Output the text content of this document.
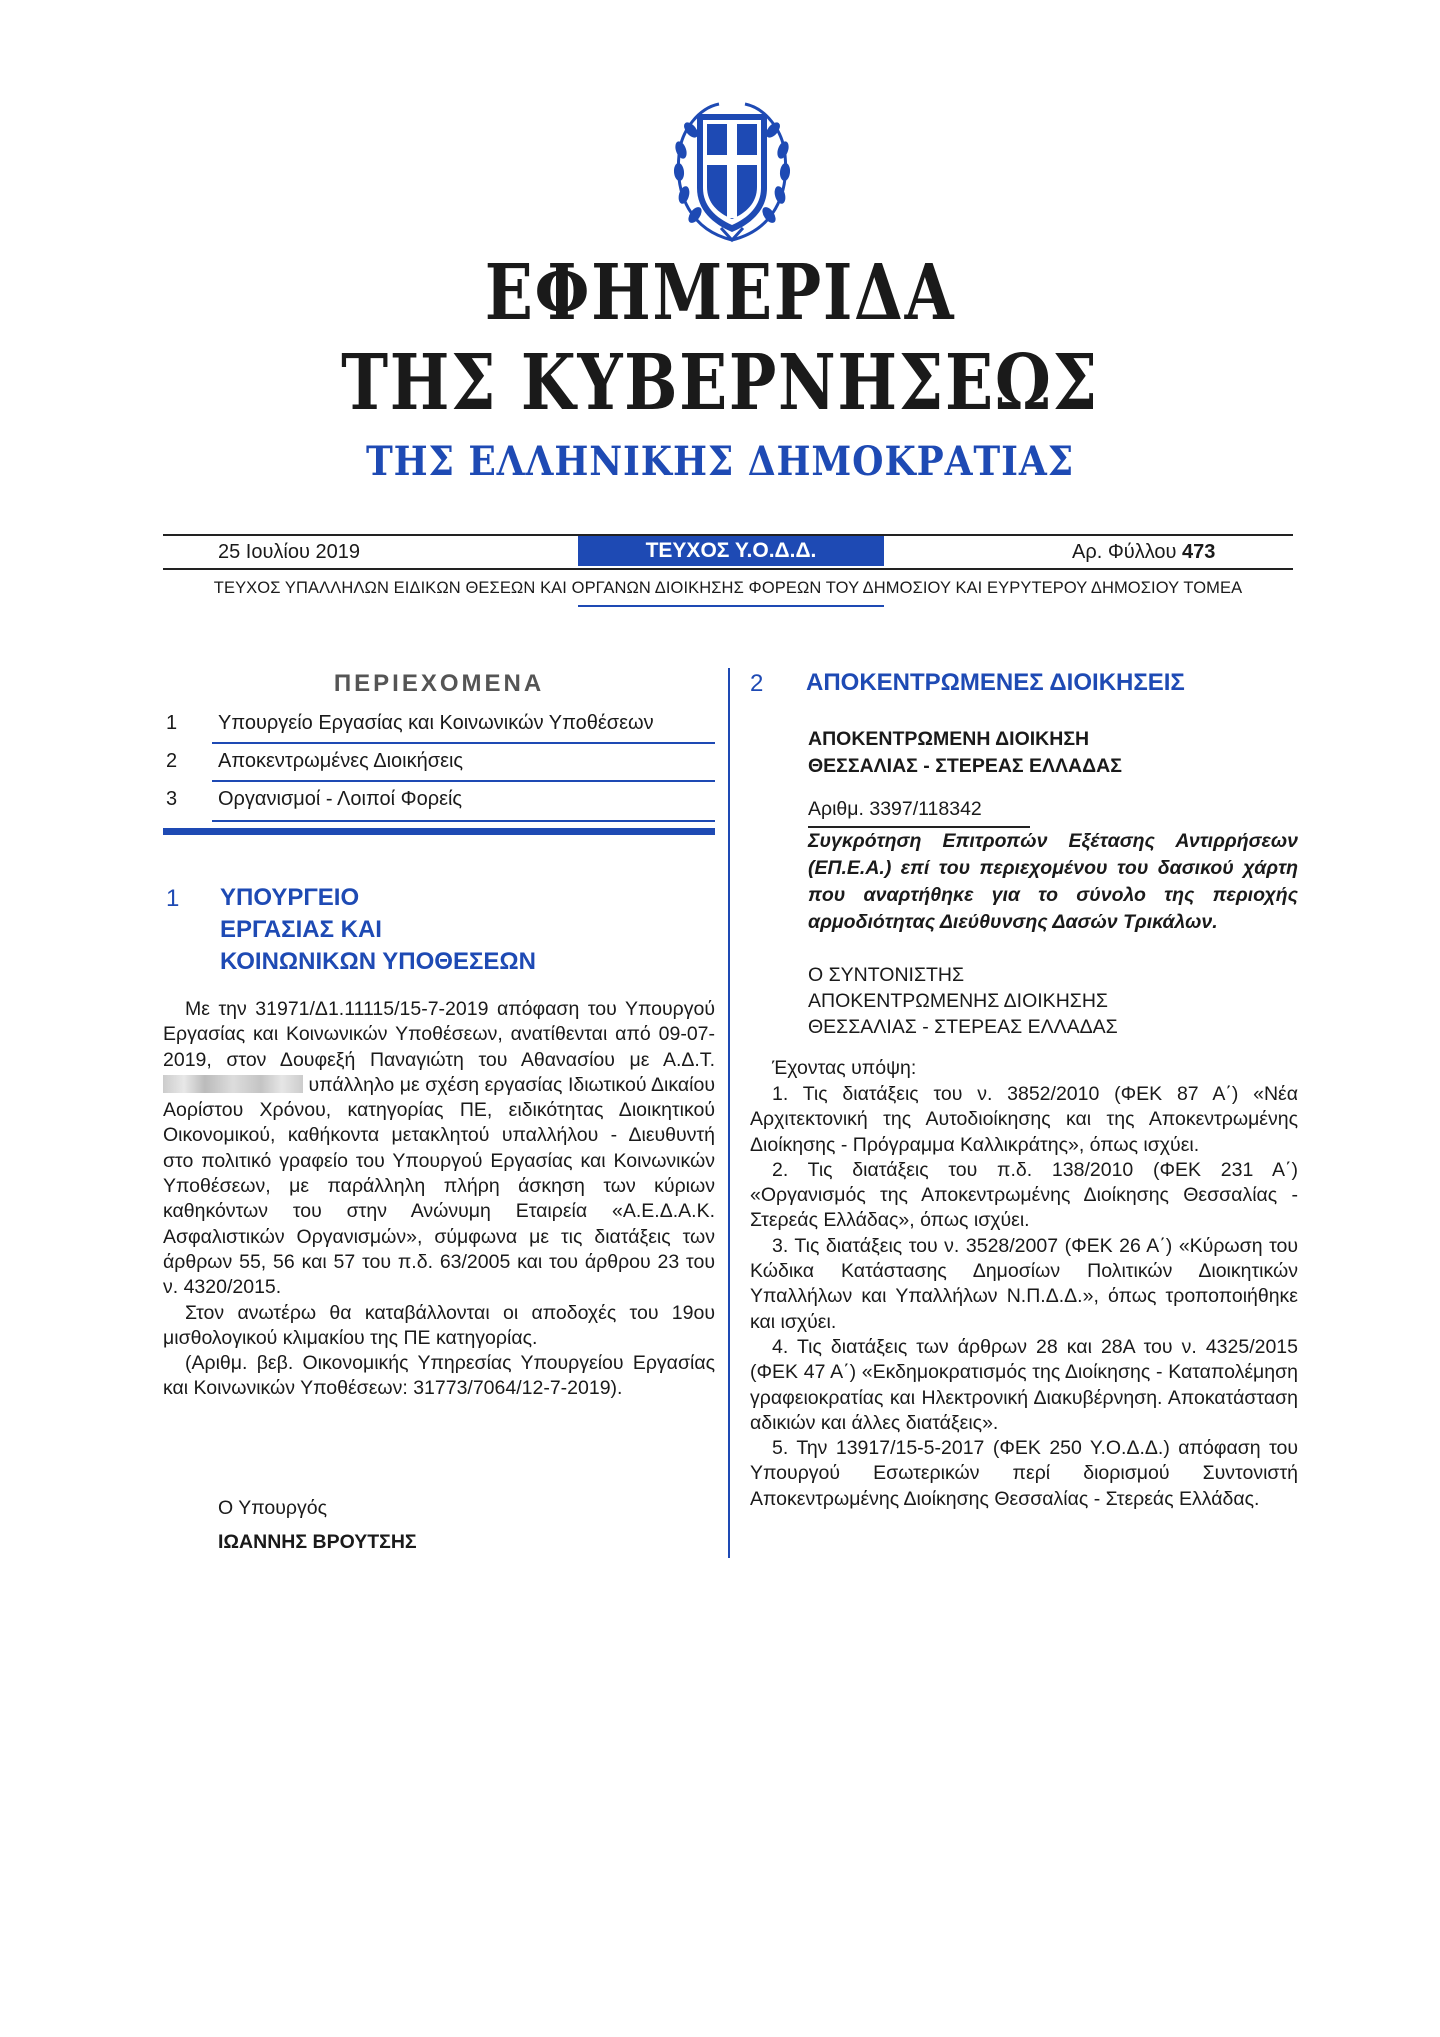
ΕΦΗΜΕΡΙΔΑ
ΤΗΣ ΚΥΒΕΡΝΗΣΕΩΣ
ΤΗΣ ΕΛΛΗΝΙΚΗΣ ΔΗΜΟΚΡΑΤΙΑΣ
25 Ιουλίου 2019	ΤΕΥΧΟΣ Υ.Ο.Δ.Δ.	Αρ. Φύλλου 473
ΤΕΥΧΟΣ ΥΠΑΛΛΗΛΩΝ ΕΙΔΙΚΩΝ ΘΕΣΕΩΝ ΚΑΙ ΟΡΓΑΝΩΝ ΔΙΟΙΚΗΣΗΣ ΦΟΡΕΩΝ ΤΟΥ ΔΗΜΟΣΙΟΥ ΚΑΙ ΕΥΡΥΤΕΡΟΥ ΔΗΜΟΣΙΟΥ ΤΟΜΕΑ
ΠΕΡΙΕΧΟΜΕΝΑ
1 Υπουργείο Εργασίας και Κοινωνικών Υποθέσεων
2 Αποκεντρωμένες Διοικήσεις
3 Οργανισμοί - Λοιποί Φορείς
1 ΥΠΟΥΡΓΕΙΟ
ΕΡΓΑΣΙΑΣ ΚΑΙ
ΚΟΙΝΩΝΙΚΩΝ ΥΠΟΘΕΣΕΩΝ

Με την 31971/Δ1.11115/15-7-2019 απόφαση του Υπουργού Εργασίας και Κοινωνικών Υποθέσεων, ανατίθενται από 09-07-2019, στον Δουφεξή Παναγιώτη του Αθανασίου με Α.Δ.Τ.  υπάλληλο με σχέση εργασίας Ιδιωτικού Δικαίου Αορίστου Χρόνου, κατηγορίας ΠΕ, ειδικότητας Διοικητικού Οικονομικού, καθήκοντα μετακλητού υπαλλήλου - Διευθυντή στο πολιτικό γραφείο του Υπουργού Εργασίας και Κοινωνικών Υποθέσεων, με παράλληλη πλήρη άσκηση των κύριων καθηκόντων του στην Ανώνυμη Εταιρεία «Α.Ε.Δ.Α.Κ. Ασφαλιστικών Οργανισμών», σύμφωνα με τις διατάξεις των άρθρων 55, 56 και 57 του π.δ. 63/2005 και του άρθρου 23 του ν. 4320/2015.

Στον ανωτέρω θα καταβάλλονται οι αποδοχές του 19ου μισθολογικού κλιμακίου της ΠΕ κατηγορίας.

(Αριθμ. βεβ. Οικονομικής Υπηρεσίας Υπουργείου Εργασίας και Κοινωνικών Υποθέσεων: 31773/7064/12-7-2019).

Ο Υπουργός
ΙΩΑΝΝΗΣ ΒΡΟΥΤΣΗΣ
2 ΑΠΟΚΕΝΤΡΩΜΕΝΕΣ ΔΙΟΙΚΗΣΕΙΣ
ΑΠΟΚΕΝΤΡΩΜΕΝΗ ΔΙΟΙΚΗΣΗ
ΘΕΣΣΑΛΙΑΣ - ΣΤΕΡΕΑΣ ΕΛΛΑΔΑΣ
Αριθμ. 3397/118342
Συγκρότηση Επιτροπών Εξέτασης Αντιρρήσεων (ΕΠ.Ε.Α.) επί του περιεχομένου του δασικού χάρτη που αναρτήθηκε για το σύνολο της περιοχής αρμοδιότητας Διεύθυνσης Δασών Τρικάλων.
Ο ΣΥΝΤΟΝΙΣΤΗΣ
ΑΠΟΚΕΝΤΡΩΜΕΝΗΣ ΔΙΟΙΚΗΣΗΣ
ΘΕΣΣΑΛΙΑΣ - ΣΤΕΡΕΑΣ ΕΛΛΑΔΑΣ
Έχοντας υπόψη:

1. Τις διατάξεις του ν. 3852/2010 (ΦΕΚ 87 Α΄) «Νέα Αρχιτεκτονική της Αυτοδιοίκησης και της Αποκεντρωμένης Διοίκησης - Πρόγραμμα Καλλικράτης», όπως ισχύει.

2. Τις διατάξεις του π.δ. 138/2010 (ΦΕΚ 231 Α΄) «Οργανισμός της Αποκεντρωμένης Διοίκησης Θεσσαλίας - Στερεάς Ελλάδας», όπως ισχύει.

3. Τις διατάξεις του ν. 3528/2007 (ΦΕΚ 26 Α΄) «Κύρωση του Κώδικα Κατάστασης Δημοσίων Πολιτικών Διοικητικών Υπαλλήλων και Υπαλλήλων Ν.Π.Δ.Δ.», όπως τροποποιήθηκε και ισχύει.

4. Τις διατάξεις των άρθρων 28 και 28Α του ν. 4325/2015 (ΦΕΚ 47 Α΄) «Εκδημοκρατισμός της Διοίκησης - Καταπολέμηση γραφειοκρατίας και Ηλεκτρονική Διακυβέρνηση. Αποκατάσταση αδικιών και άλλες διατάξεις».

5. Την 13917/15-5-2017 (ΦΕΚ 250 Υ.Ο.Δ.Δ.) απόφαση του Υπουργού Εσωτερικών περί διορισμού Συντονιστή Αποκεντρωμένης Διοίκησης Θεσσαλίας - Στερεάς Ελλάδας.
